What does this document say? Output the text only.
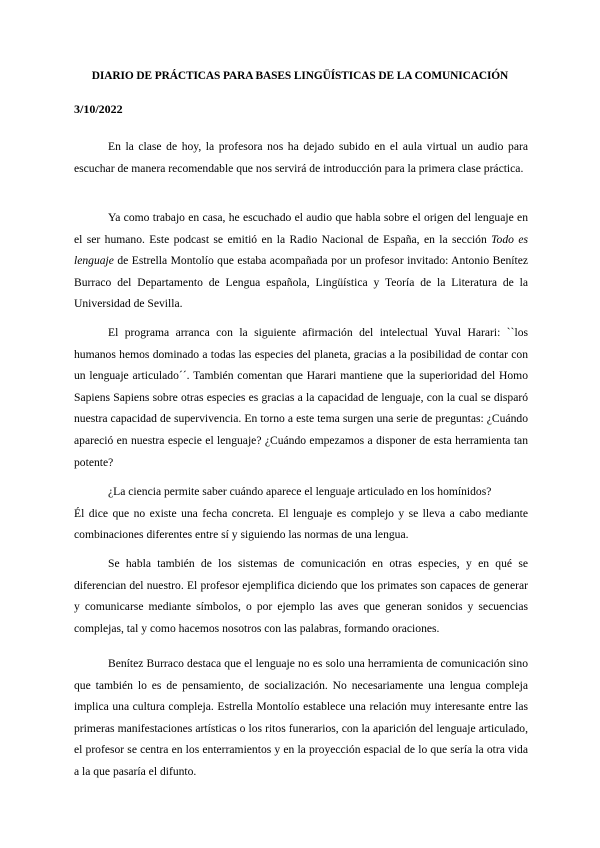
DIARIO DE PRÁCTICAS PARA BASES LINGÜÍSTICAS DE LA COMUNICACIÓN
3/10/2022

En la clase de hoy, la profesora nos ha dejado subido en el aula virtual un audio para escuchar de manera recomendable que nos servirá de introducción para la primera clase práctica.

Ya como trabajo en casa, he escuchado el audio que habla sobre el origen del lenguaje en el ser humano. Este podcast se emitió en la Radio Nacional de España, en la sección Todo es lenguaje de Estrella Montolío que estaba acompañada por un profesor invitado: Antonio Benítez Burraco del Departamento de Lengua española, Lingüística y Teoría de la Literatura de la Universidad de Sevilla.

El programa arranca con la siguiente afirmación del intelectual Yuval Harari: ``los humanos hemos dominado a todas las especies del planeta, gracias a la posibilidad de contar con un lenguaje articulado´´. También comentan que Harari mantiene que la superioridad del Homo Sapiens Sapiens sobre otras especies es gracias a la capacidad de lenguaje, con la cual se disparó nuestra capacidad de supervivencia. En torno a este tema surgen una serie de preguntas: ¿Cuándo apareció en nuestra especie el lenguaje? ¿Cuándo empezamos a disponer de esta herramienta tan potente?

¿La ciencia permite saber cuándo aparece el lenguaje articulado en los homínidos?
Él dice que no existe una fecha concreta. El lenguaje es complejo y se lleva a cabo mediante combinaciones diferentes entre sí y siguiendo las normas de una lengua.

Se habla también de los sistemas de comunicación en otras especies, y en qué se diferencian del nuestro. El profesor ejemplifica diciendo que los primates son capaces de generar y comunicarse mediante símbolos, o por ejemplo las aves que generan sonidos y secuencias complejas, tal y como hacemos nosotros con las palabras, formando oraciones.

Benítez Burraco destaca que el lenguaje no es solo una herramienta de comunicación sino que también lo es de pensamiento, de socialización. No necesariamente una lengua compleja implica una cultura compleja. Estrella Montolío establece una relación muy interesante entre las primeras manifestaciones artísticas o los ritos funerarios, con la aparición del lenguaje articulado, el profesor se centra en los enterramientos y en la proyección espacial de lo que sería la otra vida a la que pasaría el difunto.
